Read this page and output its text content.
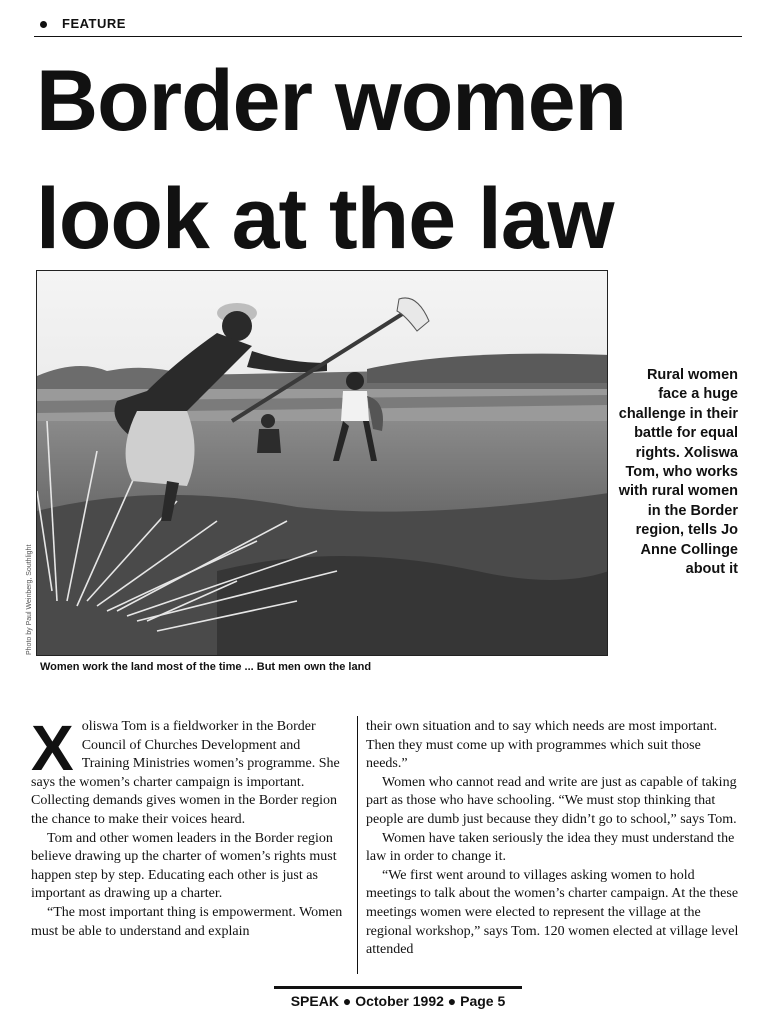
FEATURE
Border women
look at the law
Photo by Paul Weinberg, Southlight
Women work the land most of the time ... But men own the land
Rural women face a huge challenge in their battle for equal rights. Xoliswa Tom, who works with rural women in the Border region, tells Jo Anne Collinge about it

Xoliswa Tom is a fieldworker in the Border Council of Churches Development and Training Ministries women’s programme. She says the women’s charter campaign is important. Collecting demands gives women in the Border region the chance to make their voices heard.

Tom and other women leaders in the Border region believe drawing up the charter of women’s rights must happen step by step. Educating each other is just as important as drawing up a charter.

“The most important thing is empowerment. Women must be able to understand and explain

their own situation and to say which needs are most important. Then they must come up with programmes which suit those needs.”

Women who cannot read and write are just as capable of taking part as those who have schooling. “We must stop thinking that people are dumb just because they didn’t go to school,” says Tom.

Women have taken seriously the idea they must understand the law in order to change it.

“We first went around to villages asking women to hold meetings to talk about the women’s charter campaign. At the these meetings women were elected to represent the village at the regional workshop,” says Tom. 120 women elected at village level attended

SPEAK ● October 1992 ● Page 5
